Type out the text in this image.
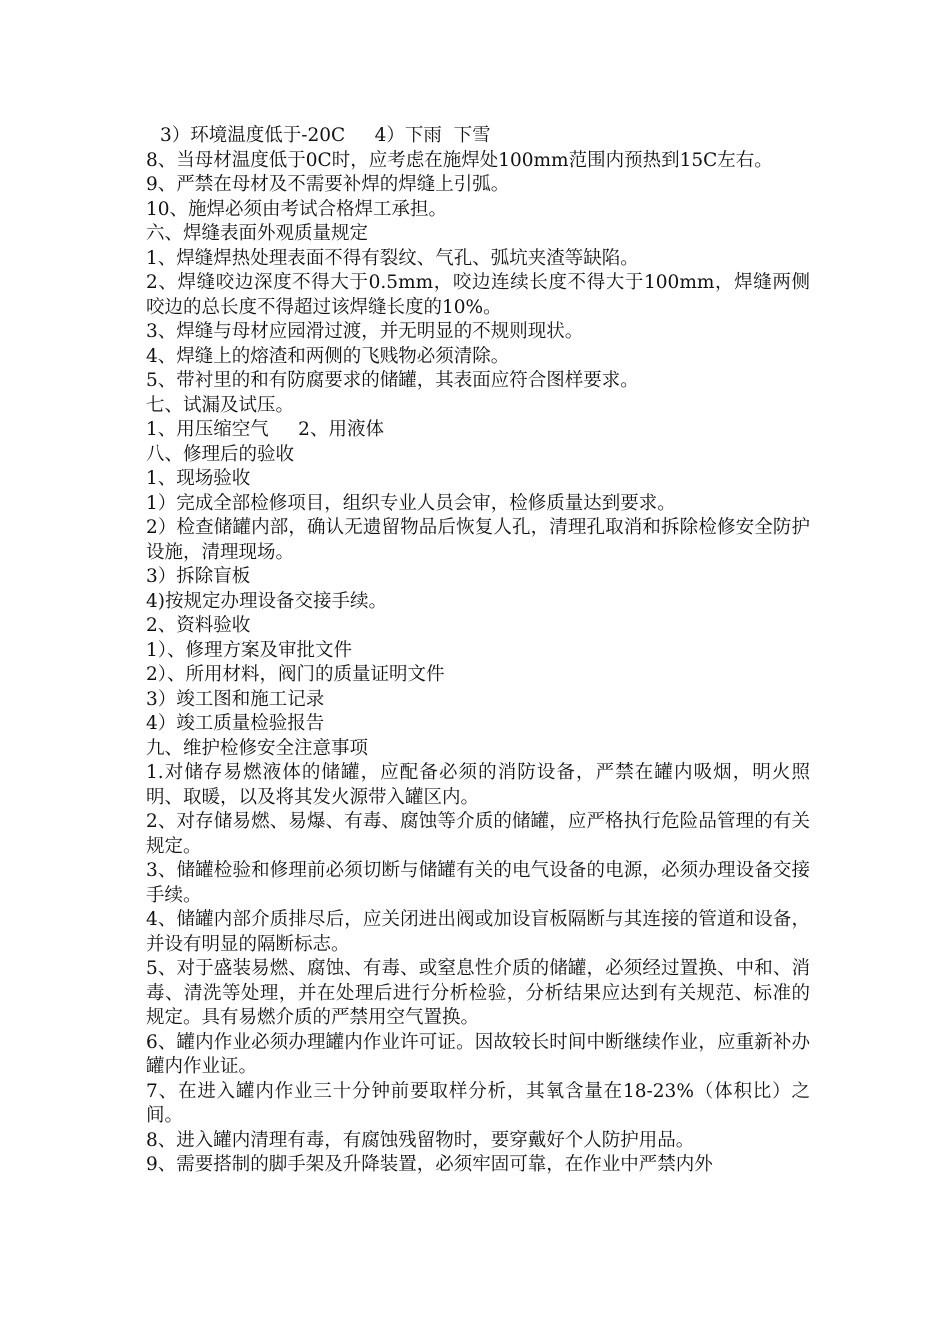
3）环境温度低于-20C     4）下雨  下雪

8、当母材温度低于0C时，应考虑在施焊处100mm范围内预热到15C左右。

9、严禁在母材及不需要补焊的焊缝上引弧。

10、施焊必须由考试合格焊工承担。

六、焊缝表面外观质量规定

1、焊缝焊热处理表面不得有裂纹、气孔、弧坑夹渣等缺陷。

2、焊缝咬边深度不得大于0.5mm，咬边连续长度不得大于100mm，焊缝两侧咬边的总长度不得超过该焊缝长度的10%。

3、焊缝与母材应园滑过渡，并无明显的不规则现状。

4、焊缝上的熔渣和两侧的飞贱物必须清除。

5、带衬里的和有防腐要求的储罐，其表面应符合图样要求。

七、试漏及试压。

1、用压缩空气     2、用液体

八、修理后的验收

1、现场验收

1）完成全部检修项目，组织专业人员会审，检修质量达到要求。

2）检查储罐内部，确认无遗留物品后恢复人孔，清理孔取消和拆除检修安全防护设施，清理现场。

3）拆除盲板

4)按规定办理设备交接手续。

2、资料验收

1）、修理方案及审批文件

2）、所用材料，阀门的质量证明文件

3）竣工图和施工记录

4）竣工质量检验报告

九、维护检修安全注意事项

1.对储存易燃液体的储罐，应配备必须的消防设备，严禁在罐内吸烟，明火照明、取暖，以及将其发火源带入罐区内。

2、对存储易燃、易爆、有毒、腐蚀等介质的储罐，应严格执行危险品管理的有关规定。

3、储罐检验和修理前必须切断与储罐有关的电气设备的电源，必须办理设备交接手续。

4、储罐内部介质排尽后，应关闭进出阀或加设盲板隔断与其连接的管道和设备，并设有明显的隔断标志。

5、对于盛装易燃、腐蚀、有毒、或窒息性介质的储罐，必须经过置换、中和、消毒、清洗等处理，并在处理后进行分析检验，分析结果应达到有关规范、标准的规定。具有易燃介质的严禁用空气置换。

6、罐内作业必须办理罐内作业许可证。因故较长时间中断继续作业，应重新补办罐内作业证。

7、在进入罐内作业三十分钟前要取样分析，其氧含量在18-23%（体积比）之间。

8、进入罐内清理有毒，有腐蚀残留物时，要穿戴好个人防护用品。

9、需要搭制的脚手架及升降装置，必须牢固可靠，在作业中严禁内外
